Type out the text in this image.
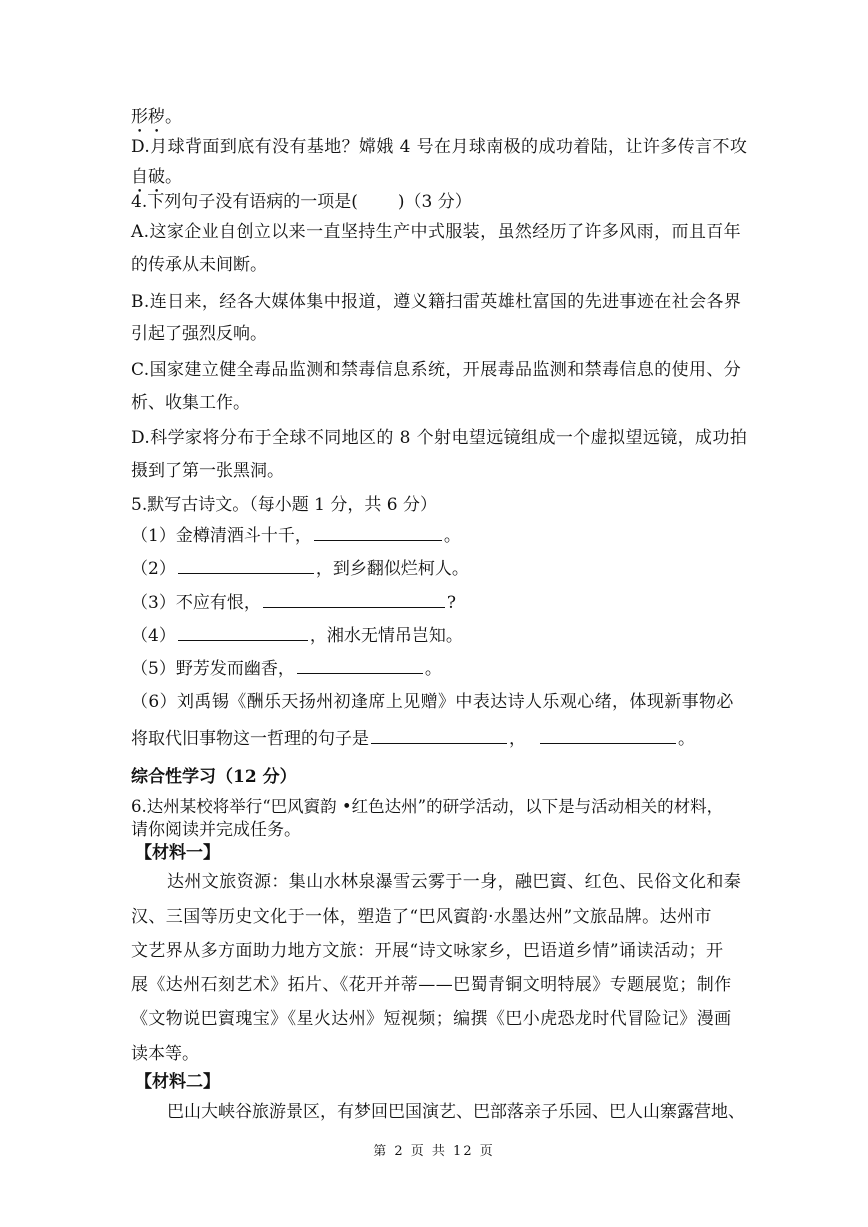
形秽。
D.月球背面到底有没有基地？嫦娥 4 号在月球南极的成功着陆，让许多传言不攻
自破。
4.下列句子没有语病的一项是( )（3 分）
A.这家企业自创立以来一直坚持生产中式服装，虽然经历了许多风雨，而且百年
的传承从未间断。
B.连日来，经各大媒体集中报道，遵义籍扫雷英雄杜富国的先进事迹在社会各界
引起了强烈反响。
C.国家建立健全毒品监测和禁毒信息系统，开展毒品监测和禁毒信息的使用、分
析、收集工作。
D.科学家将分布于全球不同地区的 8 个射电望远镜组成一个虚拟望远镜，成功拍
摄到了第一张黑洞。
5.默写古诗文。（每小题 1 分，共 6 分）
（1）金樽清酒斗十千，	。
（2）	，到乡翻似烂柯人。
（3）不应有恨，	?
（4）	，湘水无情吊岂知。
（5）野芳发而幽香，	。
（6）刘禹锡《酬乐天扬州初逢席上见赠》中表达诗人乐观心绪，体现新事物必
将取代旧事物这一哲理的句子是	，	。
综合性学习（12 分）
6.达州某校将举行“巴风賨韵 •红色达州”的研学活动，以下是与活动相关的材料，
请你阅读并完成任务。
【材料一】
达州文旅资源：集山水林泉瀑雪云雾于一身，融巴賨、红色、民俗文化和秦
汉、三国等历史文化于一体，塑造了“巴风賨韵·水墨达州”文旅品牌。达州市
文艺界从多方面助力地方文旅：开展“诗文咏家乡，巴语道乡情”诵读活动；开
展《达州石刻艺术》拓片、《花开并蒂——巴蜀青铜文明特展》专题展览；制作
《文物说巴賨瑰宝》《星火达州》短视频；编撰《巴小虎恐龙时代冒险记》漫画
读本等。
【材料二】
巴山大峡谷旅游景区，有梦回巴国演艺、巴部落亲子乐园、巴人山寨露营地、
第 2 页 共 12 页
